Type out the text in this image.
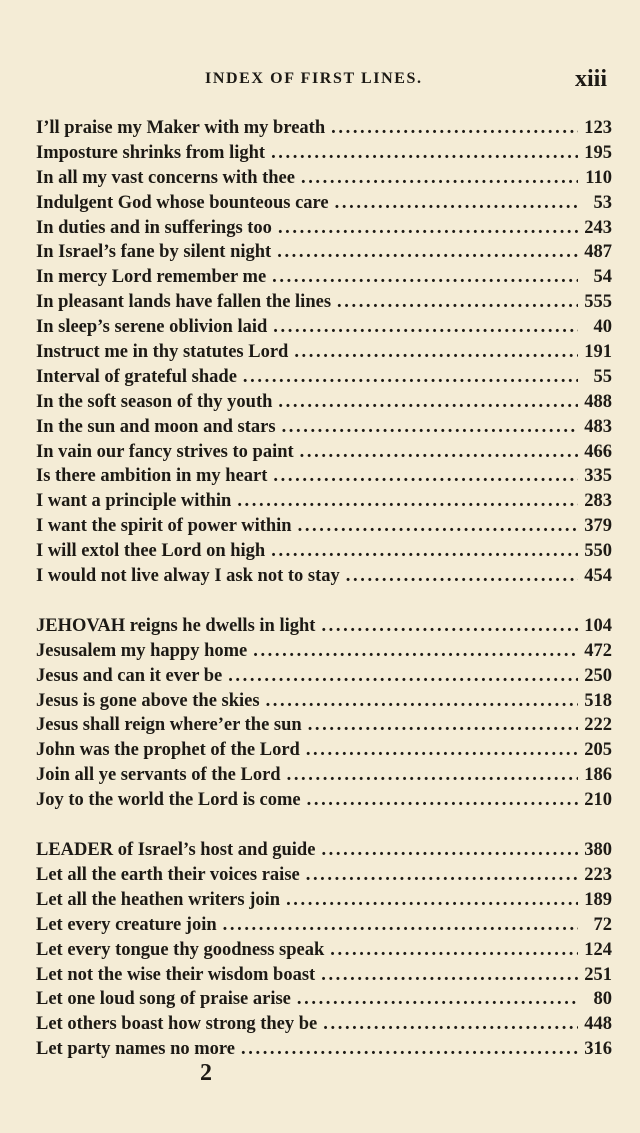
INDEX OF FIRST LINES.	xiii
I’ll praise my Maker with my breath .....	123
Imposture shrinks from light .....	195
In all my vast concerns with thee .....	110
Indulgent God whose bounteous care .....	53
In duties and in sufferings too .....	243
In Israel’s fane by silent night .....	487
In mercy Lord remember me .....	54
In pleasant lands have fallen the lines .....	555
In sleep’s serene oblivion laid .....	40
Instruct me in thy statutes Lord .....	191
Interval of grateful shade .....	55
In the soft season of thy youth .....	488
In the sun and moon and stars .....	483
In vain our fancy strives to paint .....	466
Is there ambition in my heart .....	335
I want a principle within .....	283
I want the spirit of power within .....	379
I will extol thee Lord on high .....	550
I would not live alway I ask not to stay .....	454
JEHOVAH reigns he dwells in light .....	104
Jesusalem my happy home .....	472
Jesus and can it ever be .....	250
Jesus is gone above the skies .....	518
Jesus shall reign where’er the sun .....	222
John was the prophet of the Lord .....	205
Join all ye servants of the Lord .....	186
Joy to the world the Lord is come .....	210
LEADER of Israel’s host and guide .....	380
Let all the earth their voices raise .....	223
Let all the heathen writers join .....	189
Let every creature join .....	72
Let every tongue thy goodness speak .....	124
Let not the wise their wisdom boast .....	251
Let one loud song of praise arise .....	80
Let others boast how strong they be .....	448
Let party names no more .....	316
2
